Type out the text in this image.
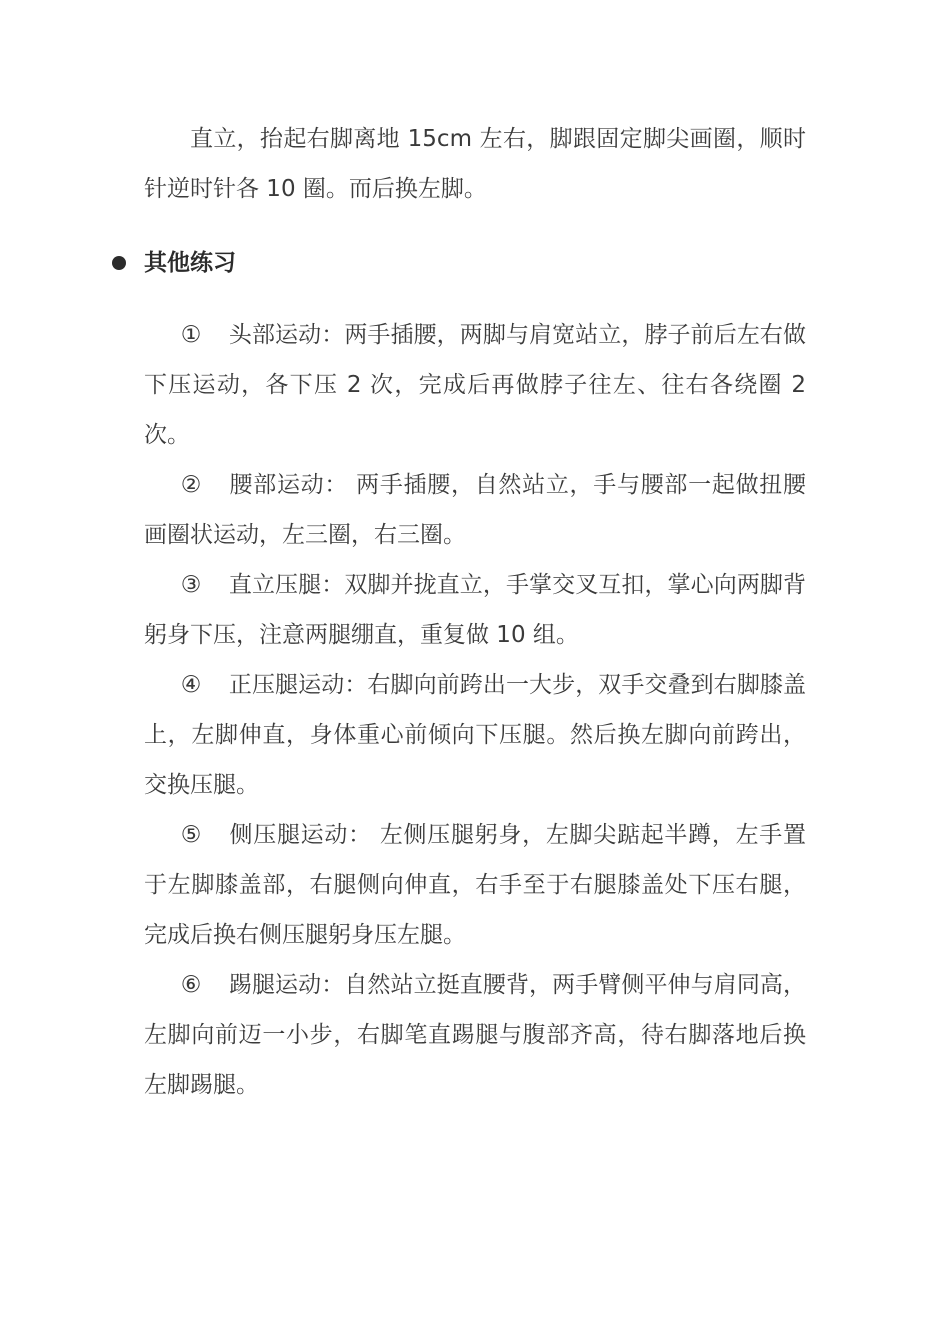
直立，抬起右脚离地 15cm 左右，脚跟固定脚尖画圈，顺时针逆时针各 10 圈。而后换左脚。

其他练习

① 头部运动：两手插腰，两脚与肩宽站立，脖子前后左右做下压运动，各下压 2 次，完成后再做脖子往左、往右各绕圈 2 次。

② 腰部运动： 两手插腰，自然站立，手与腰部一起做扭腰画圈状运动，左三圈，右三圈。

③ 直立压腿：双脚并拢直立，手掌交叉互扣，掌心向两脚背躬身下压，注意两腿绷直，重复做 10 组。

④ 正压腿运动：右脚向前跨出一大步，双手交叠到右脚膝盖上，左脚伸直，身体重心前倾向下压腿。然后换左脚向前跨出，交换压腿。

⑤ 侧压腿运动： 左侧压腿躬身，左脚尖踮起半蹲，左手置于左脚膝盖部，右腿侧向伸直，右手至于右腿膝盖处下压右腿，完成后换右侧压腿躬身压左腿。

⑥ 踢腿运动：自然站立挺直腰背，两手臂侧平伸与肩同高，左脚向前迈一小步，右脚笔直踢腿与腹部齐高，待右脚落地后换左脚踢腿。
